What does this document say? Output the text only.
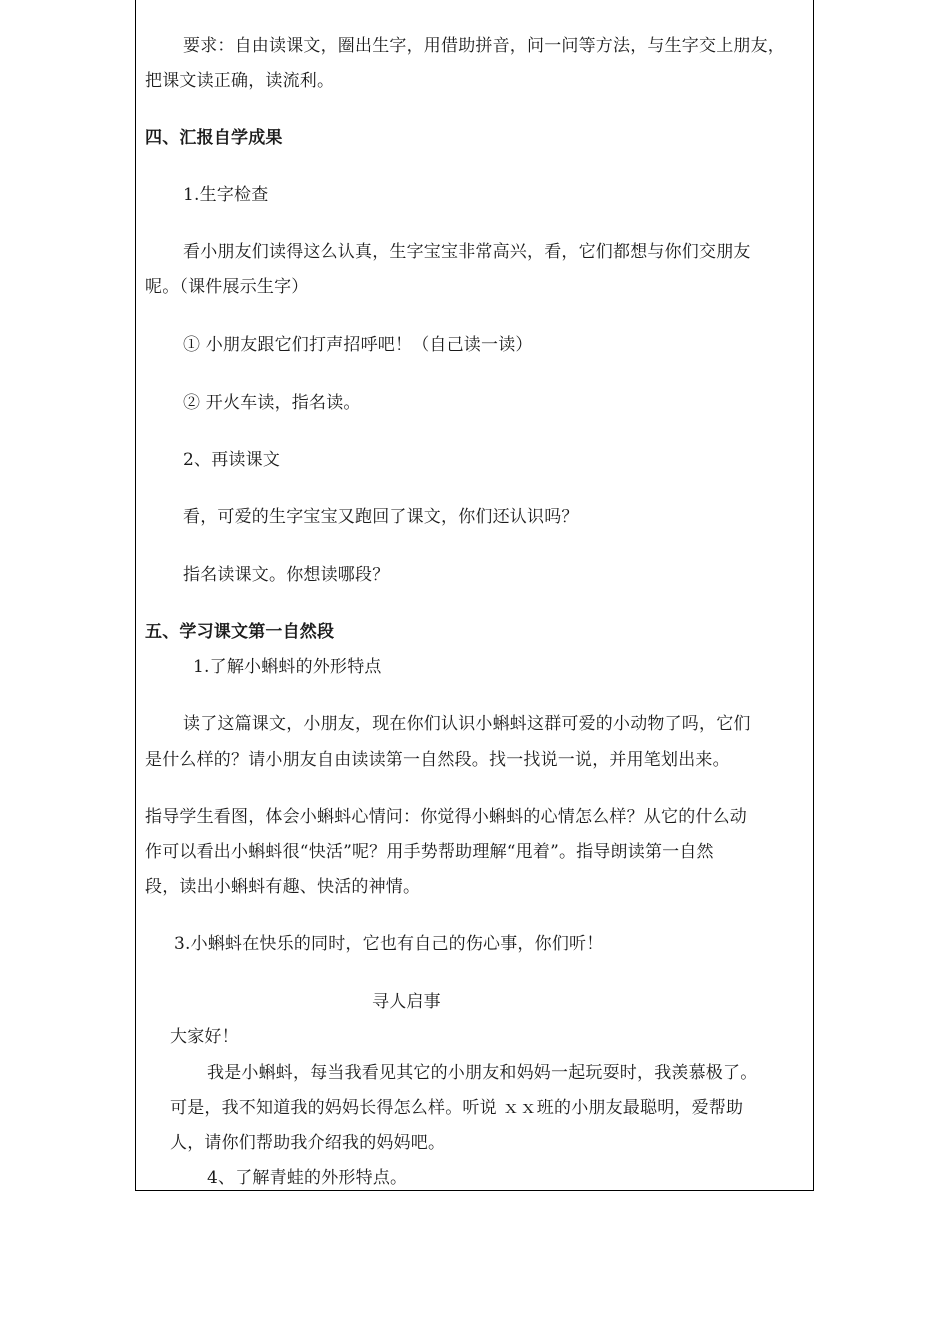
要求：自由读课文，圈出生字，用借助拼音，问一问等方法，与生字交上朋友，

把课文读正确，读流利。

四、汇报自学成果

1.生字检查

看小朋友们读得这么认真，生字宝宝非常高兴，看，它们都想与你们交朋友

呢。（课件展示生字）

① 小朋友跟它们打声招呼吧！（自己读一读）

② 开火车读，指名读。

2、再读课文

看，可爱的生字宝宝又跑回了课文，你们还认识吗？

指名读课文。你想读哪段？

五、学习课文第一自然段

1.了解小蝌蚪的外形特点

读了这篇课文，小朋友，现在你们认识小蝌蚪这群可爱的小动物了吗，它们

是什么样的？请小朋友自由读读第一自然段。找一找说一说，并用笔划出来。

指导学生看图，体会小蝌蚪心情问：你觉得小蝌蚪的心情怎么样？从它的什么动

作可以看出小蝌蚪很“快活”呢？用手势帮助理解“甩着”。指导朗读第一自然

段，读出小蝌蚪有趣、快活的神情。

3.小蝌蚪在快乐的同时，它也有自己的伤心事，你们听！

寻人启事

大家好！

我是小蝌蚪，每当我看见其它的小朋友和妈妈一起玩耍时，我羡慕极了。

可是，我不知道我的妈妈长得怎么样。听说 ｘｘ班的小朋友最聪明，爱帮助

人，请你们帮助我介绍我的妈妈吧。

4、了解青蛙的外形特点。
